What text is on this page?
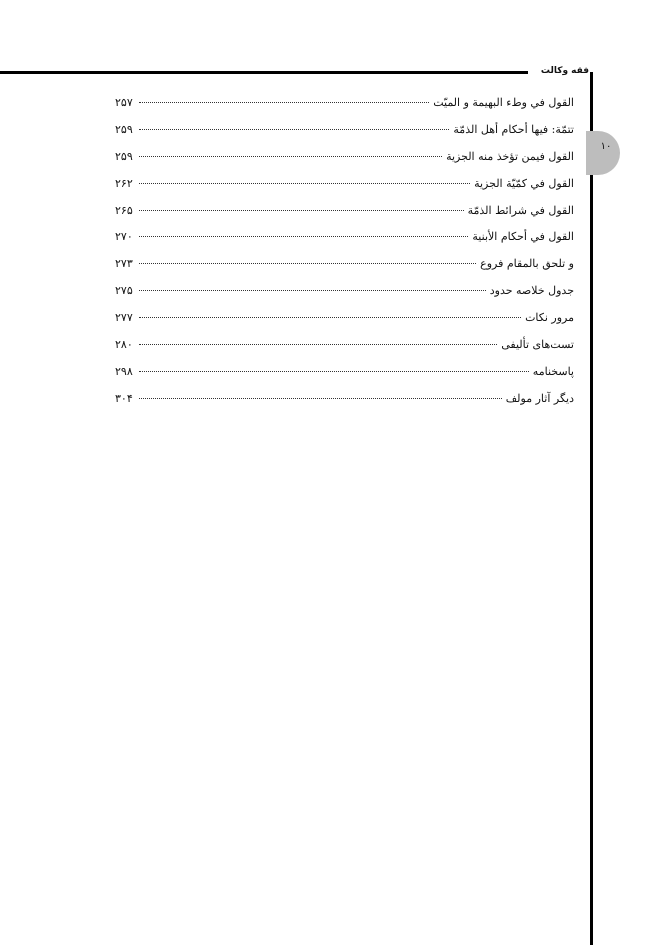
فقه وکالت
۱۰
القول في وطء البهيمة و الميّت
۲۵۷
تتمّة: فيها أحكام أهل الذمّة
۲۵۹
القول فيمن تؤخذ منه الجزية
۲۵۹
القول في كمّيّة الجزية
۲۶۲
القول في شرائط الذمّة
۲۶۵
القول في أحكام الأبنية
۲۷۰
و تلحق بالمقام فروع
۲۷۳
جدول خلاصه حدود
۲۷۵
مرور نكات
۲۷۷
تست‌های تأليفی
۲۸۰
پاسخنامه
۲۹۸
ديگر آثار مولف
۳۰۴
